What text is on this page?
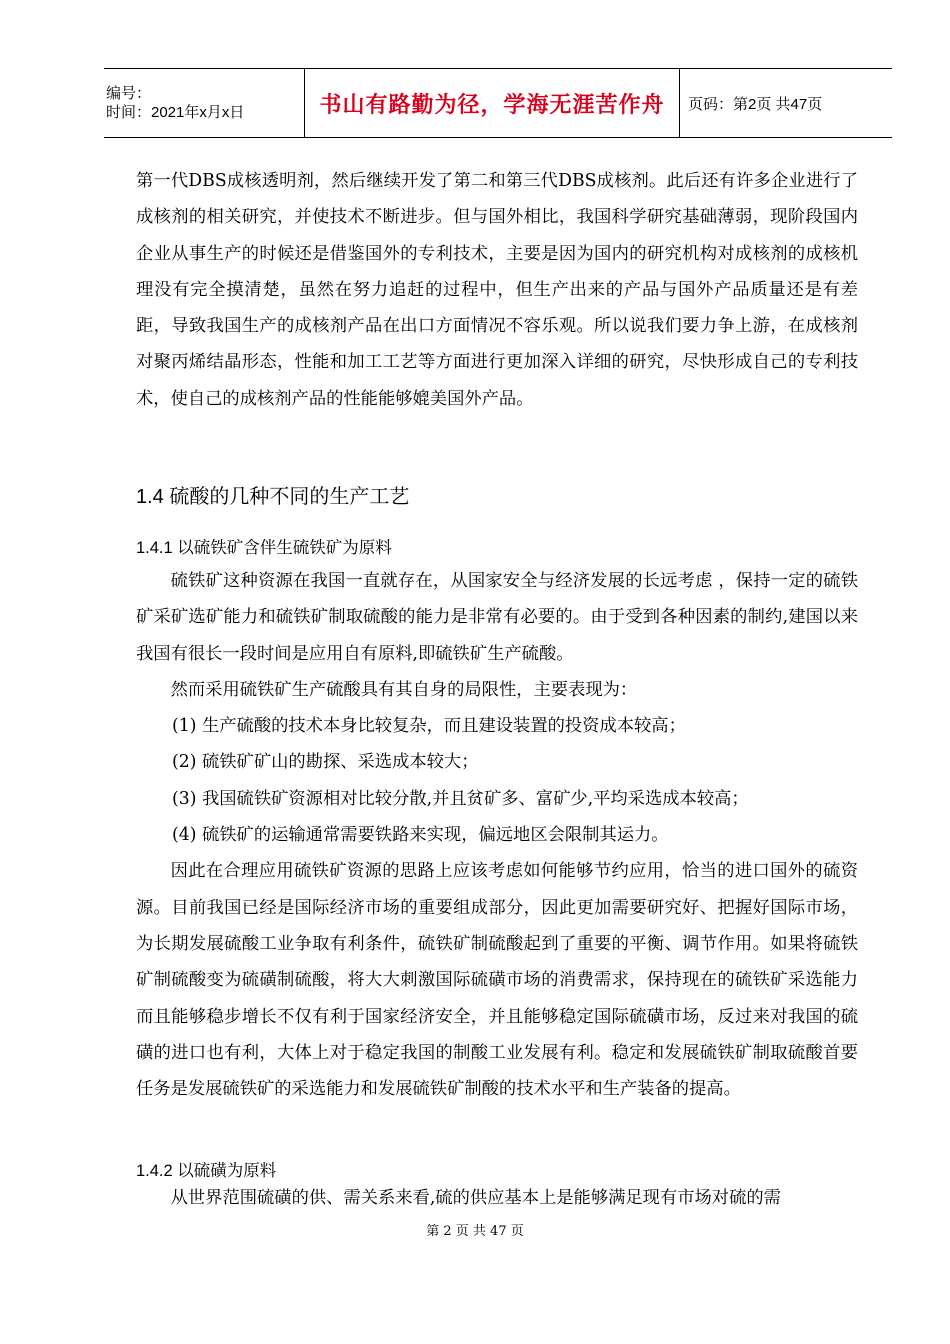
编号：
时间：2021年x月x日	书山有路勤为径，学海无涯苦作舟 页码：第2页 共47页

第一代DBS成核透明剂，然后继续开发了第二和第三代DBS成核剂。此后还有许多企业进行了成核剂的相关研究，并使技术不断进步。但与国外相比，我国科学研究基础薄弱，现阶段国内企业从事生产的时候还是借鉴国外的专利技术，主要是因为国内的研究机构对成核剂的成核机理没有完全摸清楚，虽然在努力追赶的过程中，但生产出来的产品与国外产品质量还是有差距，导致我国生产的成核剂产品在出口方面情况不容乐观。所以说我们要力争上游，在成核剂对聚丙烯结晶形态，性能和加工工艺等方面进行更加深入详细的研究，尽快形成自己的专利技术，使自己的成核剂产品的性能能够媲美国外产品。

1.4 硫酸的几种不同的生产工艺
1.4.1 以硫铁矿含伴生硫铁矿为原料

硫铁矿这种资源在我国一直就存在，从国家安全与经济发展的长远考虑 ，保持一定的硫铁矿采矿选矿能力和硫铁矿制取硫酸的能力是非常有必要的。由于受到各种因素的制约,建国以来我国有很长一段时间是应用自有原料,即硫铁矿生产硫酸。

然而采用硫铁矿生产硫酸具有其自身的局限性，主要表现为：

(1) 生产硫酸的技术本身比较复杂，而且建设装置的投资成本较高；

(2) 硫铁矿矿山的勘探、采选成本较大；

(3) 我国硫铁矿资源相对比较分散,并且贫矿多、富矿少,平均采选成本较高；

(4) 硫铁矿的运输通常需要铁路来实现，偏远地区会限制其运力。

因此在合理应用硫铁矿资源的思路上应该考虑如何能够节约应用，恰当的进口国外的硫资源。目前我国已经是国际经济市场的重要组成部分，因此更加需要研究好、把握好国际市场，为长期发展硫酸工业争取有利条件，硫铁矿制硫酸起到了重要的平衡、调节作用。如果将硫铁矿制硫酸变为硫磺制硫酸，将大大刺激国际硫磺市场的消费需求，保持现在的硫铁矿采选能力而且能够稳步增长不仅有利于国家经济安全，并且能够稳定国际硫磺市场，反过来对我国的硫磺的进口也有利，大体上对于稳定我国的制酸工业发展有利。稳定和发展硫铁矿制取硫酸首要任务是发展硫铁矿的采选能力和发展硫铁矿制酸的技术水平和生产装备的提高。

1.4.2 以硫磺为原料

从世界范围硫磺的供、需关系来看,硫的供应基本上是能够满足现有市场对硫的需

第 2 页 共 47 页
